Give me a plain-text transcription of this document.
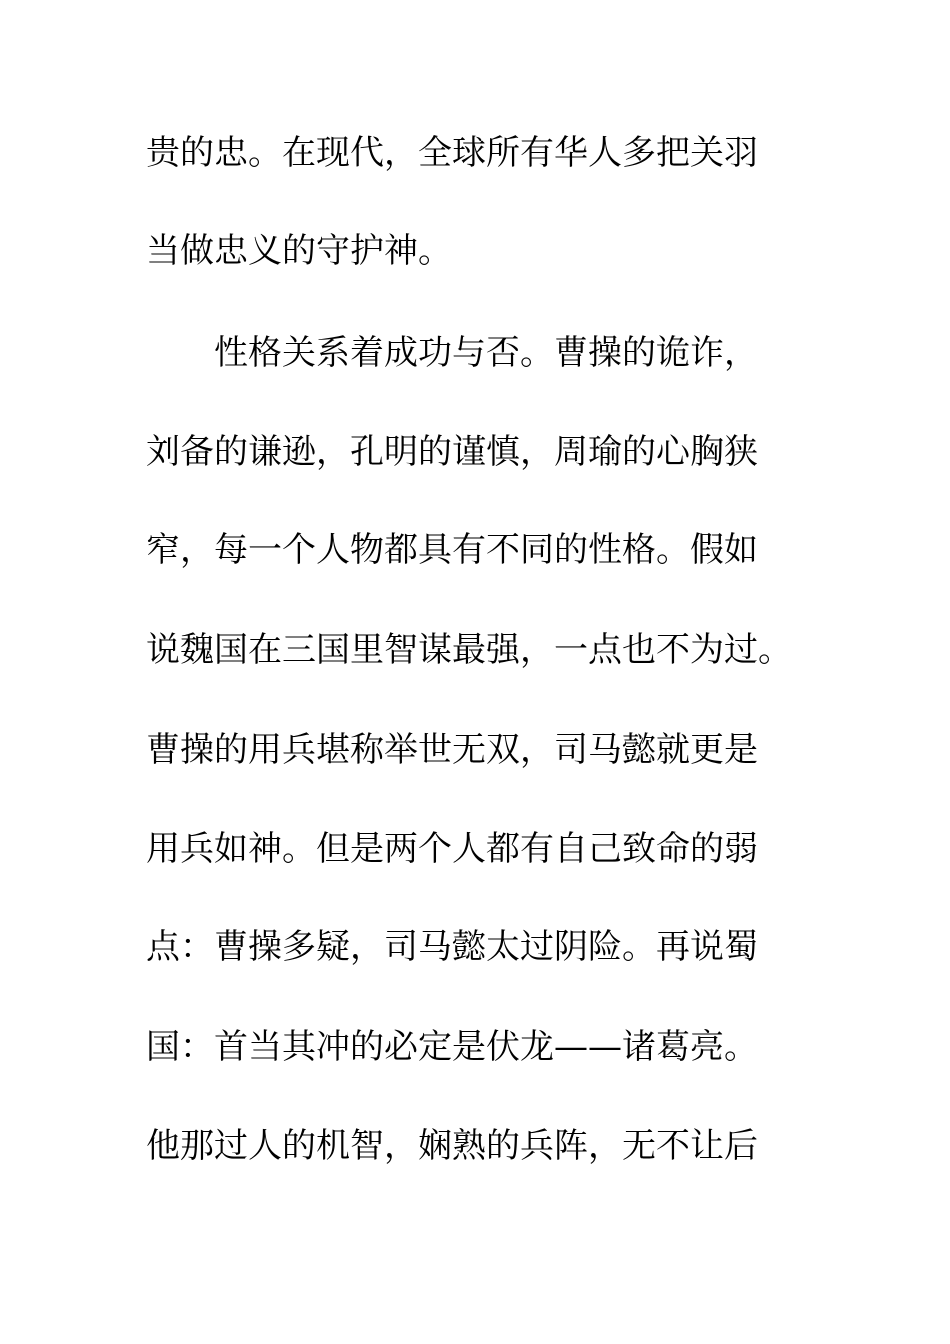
贵的忠。在现代，全球所有华人多把关羽
当做忠义的守护神。
　　性格关系着成功与否。曹操的诡诈，
刘备的谦逊，孔明的谨慎，周瑜的心胸狭
窄，每一个人物都具有不同的性格。假如
说魏国在三国里智谋最强，一点也不为过。
曹操的用兵堪称举世无双，司马懿就更是
用兵如神。但是两个人都有自己致命的弱
点：曹操多疑，司马懿太过阴险。再说蜀
国：首当其冲的必定是伏龙——诸葛亮。
他那过人的机智，娴熟的兵阵，无不让后
